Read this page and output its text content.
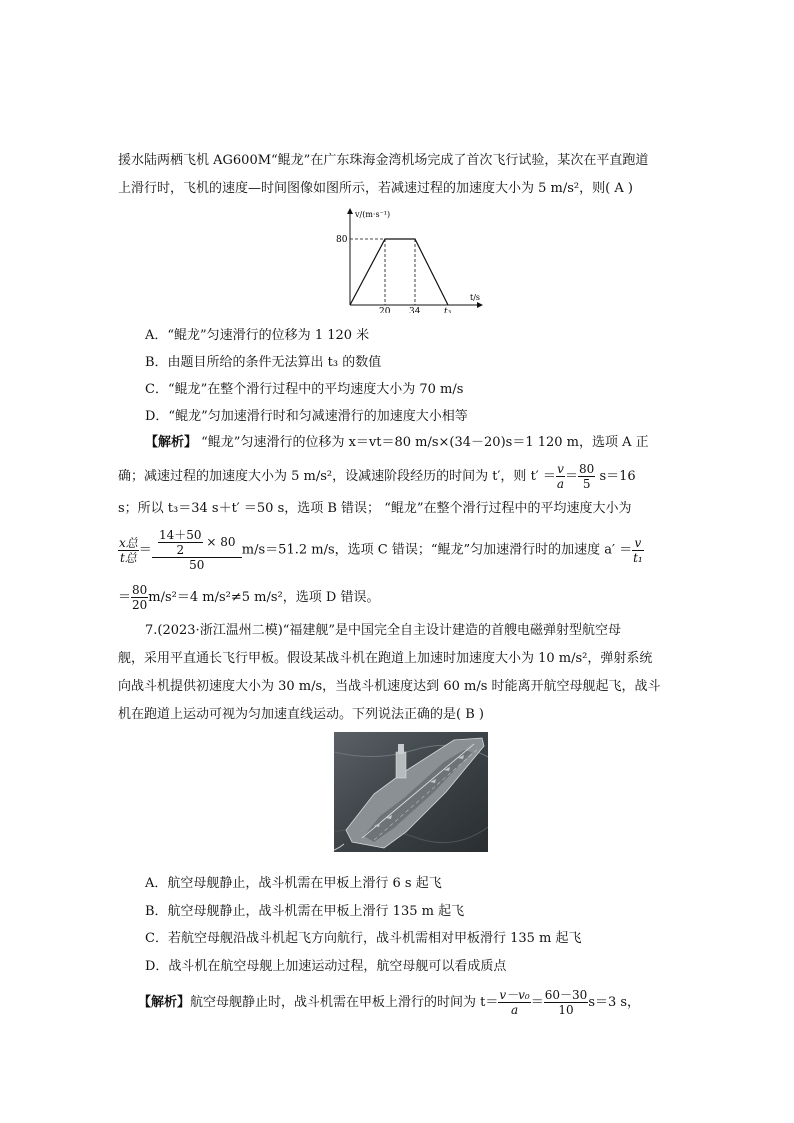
援水陆两栖飞机 AG600M“鲲龙”在广东珠海金湾机场完成了首次飞行试验，某次在平直跑道
上滑行时，飞机的速度—时间图像如图所示，若减速过程的加速度大小为 5 m/s²，则( A )
v/(m·s⁻¹)
t/s
80
20 34	t₃
A．“鲲龙”匀速滑行的位移为 1 120 米
B．由题目所给的条件无法算出 t₃ 的数值
C．“鲲龙”在整个滑行过程中的平均速度大小为 70 m/s
D．“鲲龙”匀加速滑行时和匀减速滑行的加速度大小相等
【解析】 “鲲龙”匀速滑行的位移为 x＝vt＝80 m/s×(34－20)s＝1 120 m，选项 A 正
确；减速过程的加速度大小为 5 m/s²，设减速阶段经历的时间为 t′，则 $t' = \frac{v}{a} = \frac{80}{5} s=16$
s；所以 t₃＝34 s＋t′ ＝50 s，选项 B 错误； “鲲龙”在整个滑行过程中的平均速度大小为
$\frac{\text{x总}}{\text{t总}} = \frac{\frac{14+50}{2} \times 80}{50} m/s=51.2$ m/s，选项 C 错误；“鲲龙”匀加速滑行时的加速度 $a' = \frac{v}{\text{t₁}}$
＝ $\frac{80}{20} m/s^2=4$ m/s²≠5 m/s²，选项 D 错误。
7.(2023·浙江温州二模)“福建舰”是中国完全自主设计建造的首艘电磁弹射型航空母
舰，采用平直通长飞行甲板。假设某战斗机在跑道上加速时加速度大小为 10 m/s²，弹射系统
向战斗机提供初速度大小为 30 m/s，当战斗机速度达到 60 m/s 时能离开航空母舰起飞，战斗
机在跑道上运动可视为匀加速直线运动。下列说法正确的是( B )
A．航空母舰静止，战斗机需在甲板上滑行 6 s 起飞
B．航空母舰静止，战斗机需在甲板上滑行 135 m 起飞
C．若航空母舰沿战斗机起飞方向航行，战斗机需相对甲板滑行 135 m 起飞
D．战斗机在航空母舰上加速运动过程，航空母舰可以看成质点
【解析】航空母舰静止时，战斗机需在甲板上滑行的时间为 $t= \frac{\text{v－v₀}}{a} = \frac{60-30}{10} s=3$ s，
